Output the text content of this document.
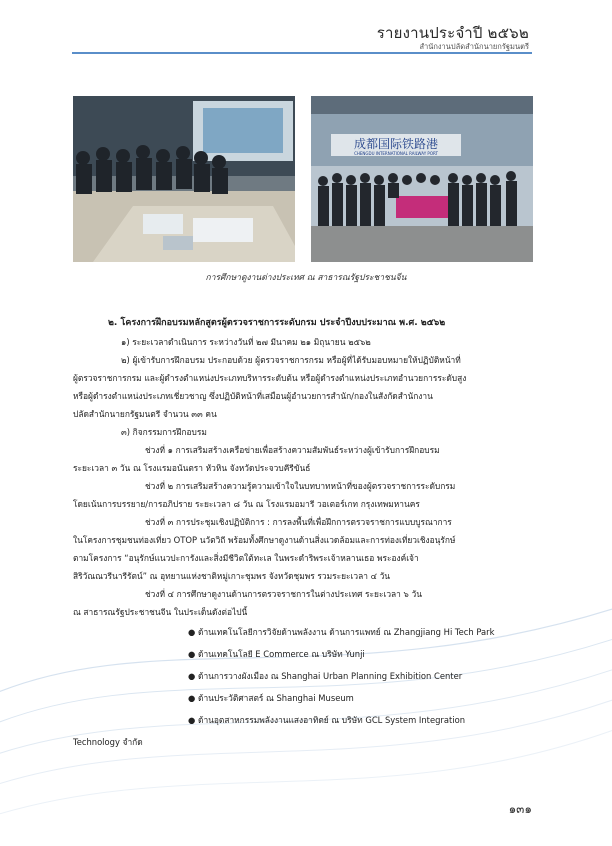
รายงานประจำปี ๒๕๖๒
สำนักงานปลัดสำนักนายกรัฐมนตรี
成都国际铁路港
CHENGDU INTERNATIONAL RAILWAY PORT
การศึกษาดูงานต่างประเทศ ณ สาธารณรัฐประชาชนจีน
๒. โครงการฝึกอบรมหลักสูตรผู้ตรวจราชการระดับกรม ประจำปีงบประมาณ พ.ศ. ๒๕๖๒
๑) ระยะเวลาดำเนินการ ระหว่างวันที่ ๒๗ มีนาคม ๒๑ มิถุนายน ๒๕๖๒
๒) ผู้เข้ารับการฝึกอบรม ประกอบด้วย ผู้ตรวจราชการกรม หรือผู้ที่ได้รับมอบหมายให้ปฏิบัติหน้าที่
ผู้ตรวจราชการกรม และผู้ดำรงตำแหน่งประเภทบริหารระดับต้น หรือผู้ดำรงตำแหน่งประเภทอำนวยการระดับสูง
หรือผู้ดำรงตำแหน่งประเภทเชี่ยวชาญ ซึ่งปฏิบัติหน้าที่เสมือนผู้อำนวยการสำนัก/กองในสังกัดสำนักงาน
ปลัดสำนักนายกรัฐมนตรี จำนวน ๓๓ คน
๓) กิจกรรมการฝึกอบรม
ช่วงที่ ๑ การเสริมสร้างเครือข่ายเพื่อสร้างความสัมพันธ์ระหว่างผู้เข้ารับการฝึกอบรม
ระยะเวลา ๓ วัน ณ โรงแรมอนันตรา หัวหิน จังหวัดประจวบคีรีขันธ์
ช่วงที่ ๒ การเสริมสร้างความรู้ความเข้าใจในบทบาทหน้าที่ของผู้ตรวจราชการระดับกรม
โดยเน้นการบรรยาย/การอภิปราย ระยะเวลา ๘ วัน ณ โรงแรมอมารี วอเตอร์เกท กรุงเทพมหานคร
ช่วงที่ ๓ การประชุมเชิงปฏิบัติการ : การลงพื้นที่เพื่อฝึกการตรวจราชการแบบบูรณาการ
ในโครงการชุมชนท่องเที่ยว OTOP นวัตวิถี พร้อมทั้งศึกษาดูงานด้านสิ่งแวดล้อมและการท่องเที่ยวเชิงอนุรักษ์
ตามโครงการ “อนุรักษ์แนวปะการังและสิ่งมีชีวิตใต้ทะเล ในพระดำริพระเจ้าหลานเธอ พระองค์เจ้า
สิริวัณณวรีนารีรัตน์” ณ อุทยานแห่งชาติหมู่เกาะชุมพร จังหวัดชุมพร รวมระยะเวลา ๔ วัน
ช่วงที่ ๔ การศึกษาดูงานด้านการตรวจราชการในต่างประเทศ ระยะเวลา ๖ วัน
ณ สาธารณรัฐประชาชนจีน ในประเด็นดังต่อไปนี้
● ด้านเทคโนโลยีการวิจัยด้านพลังงาน ด้านการแพทย์ ณ Zhangjiang Hi Tech Park
● ด้านเทคโนโลยี E Commerce ณ บริษัท Yunji
● ด้านการวางผังเมือง ณ Shanghai Urban Planning Exhibition Center
● ด้านประวัติศาสตร์ ณ Shanghai Museum
● ด้านอุตสาหกรรมพลังงานแสงอาทิตย์ ณ บริษัท GCL System Integration
Technology จำกัด
๑๓๑
